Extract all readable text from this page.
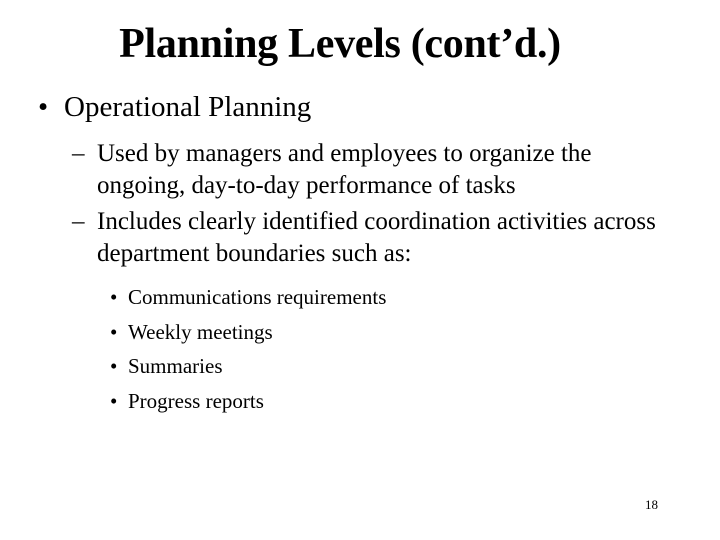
Planning Levels (cont’d.)
• Operational Planning
– Used by managers and employees to organize the ongoing, day-to-day performance of tasks
– Includes clearly identified coordination activities across department boundaries such as:
• Communications requirements
• Weekly meetings
• Summaries
• Progress reports
18
